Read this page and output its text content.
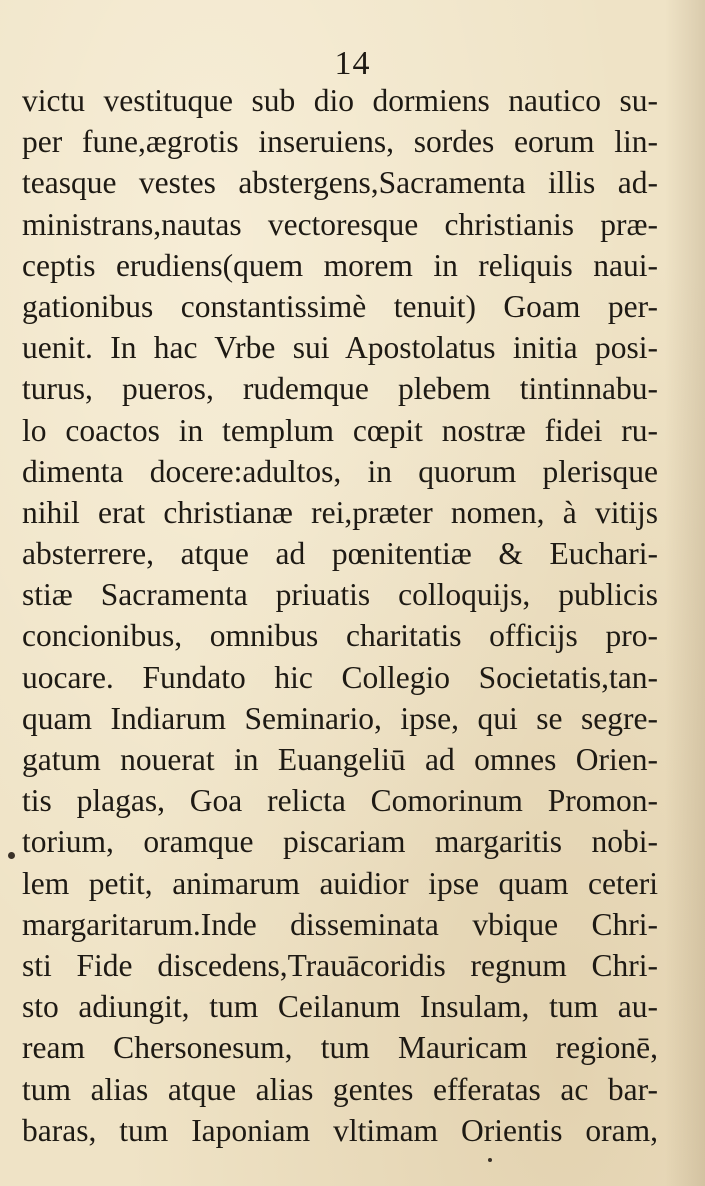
14
victu vestituque sub dio dormiens nautico su-
per fune,ægrotis inseruiens, sordes eorum lin-
teasque vestes abstergens,Sacramenta illis ad-
ministrans,nautas vectoresque christianis præ-
ceptis erudiens(quem morem in reliquis naui-
gationibus constantissimè tenuit) Goam per-
uenit. In hac Vrbe sui Apostolatus initia posi-
turus, pueros, rudemque plebem tintinnabu-
lo coactos in templum cœpit nostræ fidei ru-
dimenta docere:adultos, in quorum plerisque
nihil erat christianæ rei,præter nomen, à vitijs
absterrere, atque ad pœnitentiæ & Euchari-
stiæ Sacramenta priuatis colloquijs, publicis
concionibus, omnibus charitatis officijs pro-
uocare. Fundato hic Collegio Societatis,tan-
quam Indiarum Seminario, ipse, qui se segre-
gatum nouerat in Euangeliū ad omnes Orien-
tis plagas, Goa relicta Comorinum Promon-
torium, oramque piscariam margaritis nobi-
lem petit, animarum auidior ipse quam ceteri
margaritarum.Inde disseminata vbique Chri-
sti Fide discedens,Trauācoridis regnum Chri-
sto adiungit, tum Ceilanum Insulam, tum au-
ream Chersonesum, tum Mauricam regionē,
tum alias atque alias gentes efferatas ac bar-
baras, tum Iaponiam vltimam Orientis oram,
